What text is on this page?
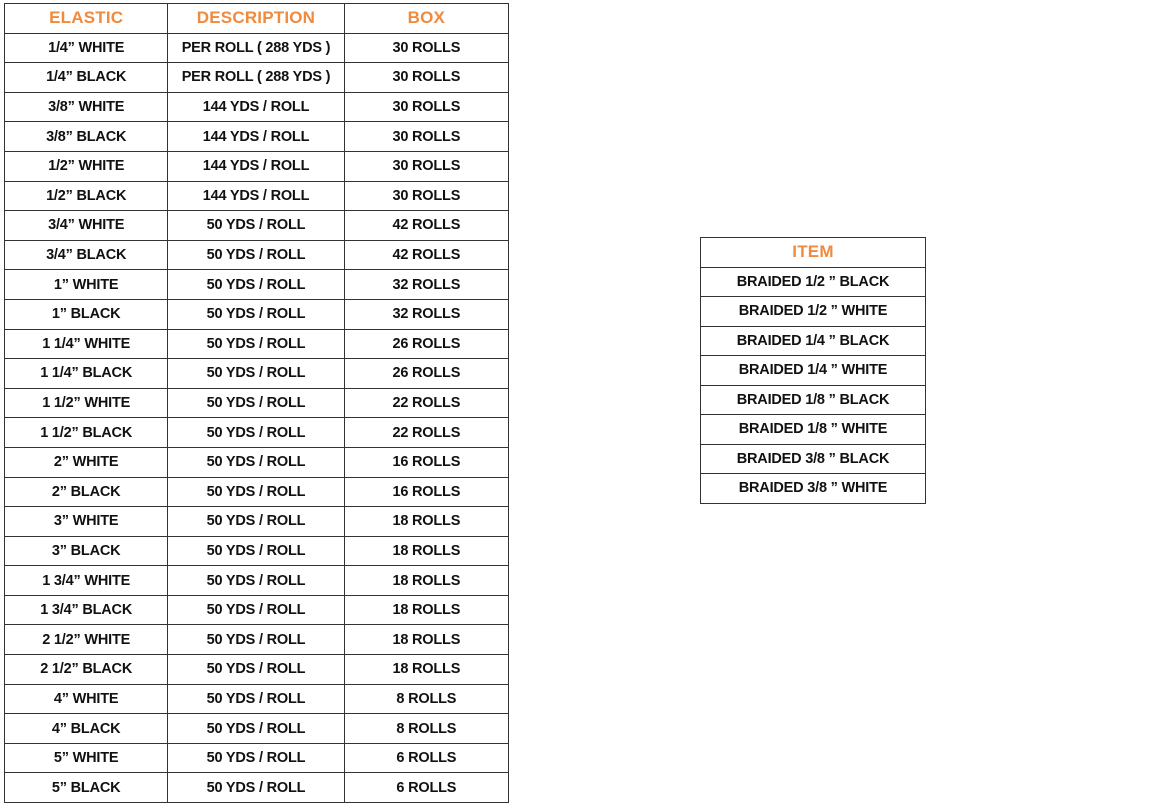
ELASTIC	DESCRIPTION	BOX
1/4” WHITE	PER ROLL ( 288 YDS )	30 ROLLS
1/4” BLACK	PER ROLL ( 288 YDS )	30 ROLLS
3/8” WHITE	144 YDS / ROLL	30 ROLLS
3/8” BLACK	144 YDS / ROLL	30 ROLLS
1/2” WHITE	144 YDS / ROLL	30 ROLLS
1/2” BLACK	144 YDS / ROLL	30 ROLLS
3/4” WHITE	50 YDS / ROLL	42 ROLLS
3/4” BLACK	50 YDS / ROLL	42 ROLLS
1” WHITE	50 YDS / ROLL	32 ROLLS
1” BLACK	50 YDS / ROLL	32 ROLLS
1 1/4” WHITE	50 YDS / ROLL	26 ROLLS
1 1/4” BLACK	50 YDS / ROLL	26 ROLLS
1 1/2” WHITE	50 YDS / ROLL	22 ROLLS
1 1/2” BLACK	50 YDS / ROLL	22 ROLLS
2” WHITE	50 YDS / ROLL	16 ROLLS
2” BLACK	50 YDS / ROLL	16 ROLLS
3” WHITE	50 YDS / ROLL	18 ROLLS
3” BLACK	50 YDS / ROLL	18 ROLLS
1 3/4” WHITE	50 YDS / ROLL	18 ROLLS
1 3/4” BLACK	50 YDS / ROLL	18 ROLLS
2 1/2” WHITE	50 YDS / ROLL	18 ROLLS
2 1/2” BLACK	50 YDS / ROLL	18 ROLLS
4” WHITE	50 YDS / ROLL	8 ROLLS
4” BLACK	50 YDS / ROLL	8 ROLLS
5” WHITE	50 YDS / ROLL	6 ROLLS
5” BLACK	50 YDS / ROLL	6 ROLLS
ITEM
BRAIDED 1/2 ” BLACK
BRAIDED 1/2 ” WHITE
BRAIDED 1/4 ” BLACK
BRAIDED 1/4 ” WHITE
BRAIDED 1/8 ” BLACK
BRAIDED 1/8 ” WHITE
BRAIDED 3/8 ” BLACK
BRAIDED 3/8 ” WHITE
